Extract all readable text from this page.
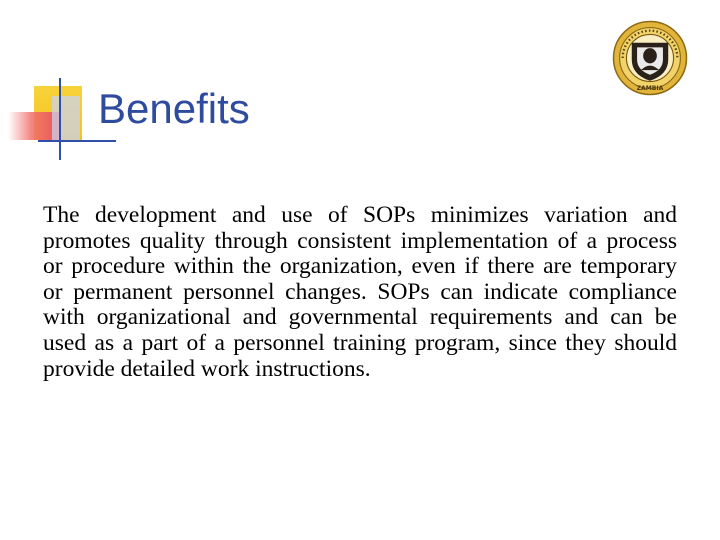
Benefits	ZAMBIA

The development and use of SOPs minimizes variation and promotes quality through consistent implementation of a process or procedure within the organization, even if there are temporary or permanent personnel changes. SOPs can indicate compliance with organizational and governmental requirements and can be used as a part of a personnel training program, since they should provide detailed work instructions.
